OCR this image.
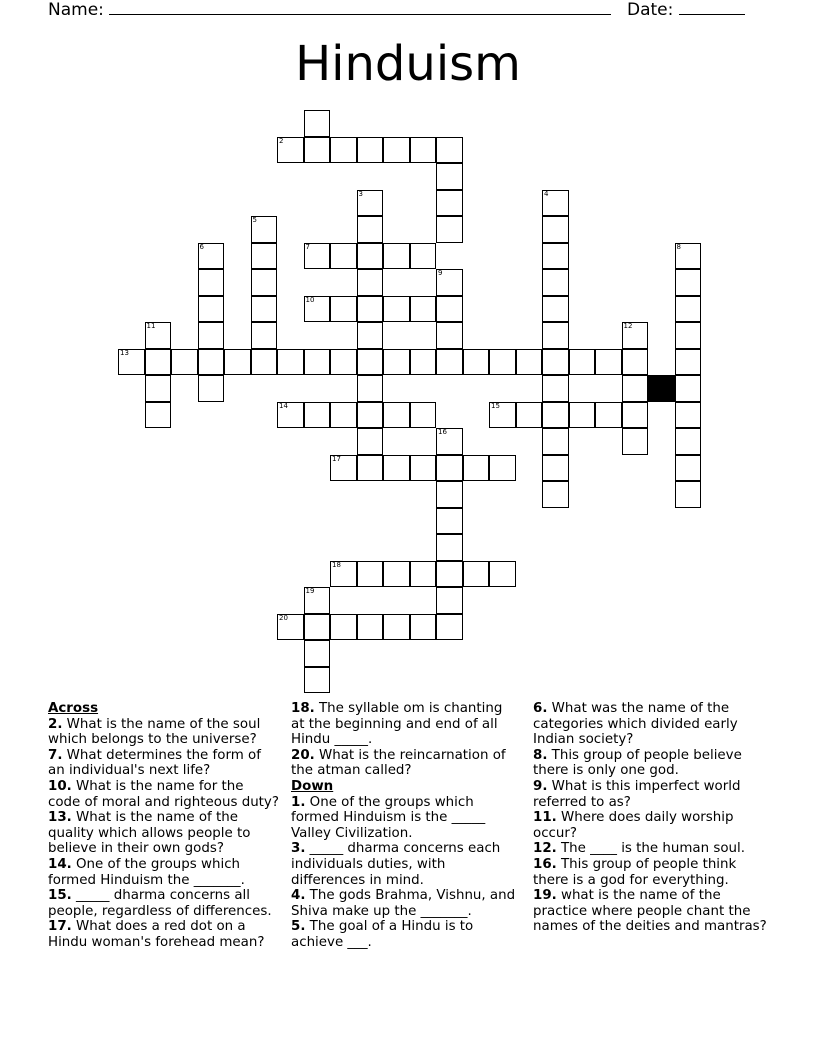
Name:	Date:
Hinduism
2
3	4
5
6	7	8
9
10
11	12
13
14	15
16
17
18
19
20
Across
2. What is the name of the soul which belongs to the universe?
7. What determines the form of an individual's next life?
10. What is the name for the code of moral and righteous duty?
13. What is the name of the quality which allows people to believe in their own gods?
14. One of the groups which formed Hinduism the _______.
15. _____ dharma concerns all people, regardless of differences.
17. What does a red dot on a Hindu woman's forehead mean?
18. The syllable om is chanting at the beginning and end of all Hindu _____.
20. What is the reincarnation of the atman called?
Down
1. One of the groups which formed Hinduism is the _____ Valley Civilization.
3. _____ dharma concerns each individuals duties, with differences in mind.
4. The gods Brahma, Vishnu, and Shiva make up the _______.
5. The goal of a Hindu is to achieve ___.
6. What was the name of the categories which divided early Indian society?
8. This group of people believe there is only one god.
9. What is this imperfect world referred to as?
11. Where does daily worship occur?
12. The ____ is the human soul.
16. This group of people think there is a god for everything.
19. what is the name of the practice where people chant the names of the deities and mantras?
